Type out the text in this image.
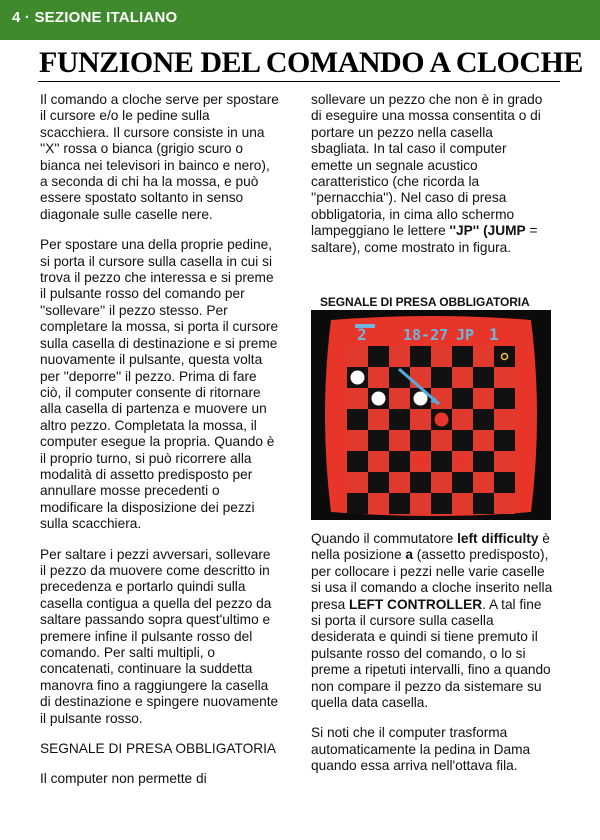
4 · SEZIONE ITALIANO
FUNZIONE DEL COMANDO A CLOCHE

Il comando a cloche serve per spostare il cursore e/o le pedine sulla scacchiera. Il cursore consiste in una ''X'' rossa o bianca (grigio scuro o bianca nei televisori in bainco e nero), a seconda di chi ha la mossa, e può essere spostato soltanto in senso diagonale sulle caselle nere.

Per spostare una della proprie pedine, si porta il cursore sulla casella in cui si trova il pezzo che interessa e si preme il pulsante rosso del comando per ''sollevare'' il pezzo stesso. Per completare la mossa, si porta il cursore sulla casella di destinazione e si preme nuovamente il pulsante, questa volta per ''deporre'' il pezzo. Prima di fare ciò, il computer consente di ritornare alla casella di partenza e muovere un altro pezzo. Completata la mossa, il computer esegue la propria. Quando è il proprio turno, si può ricorrere alla modalità di assetto predisposto per annullare mosse precedenti o modificare la disposizione dei pezzi sulla scacchiera.

Per saltare i pezzi avversari, sollevare il pezzo da muovere come descritto in precedenza e portarlo quindi sulla casella contigua a quella del pezzo da saltare passando sopra quest'ultimo e premere infine il pulsante rosso del comando. Per salti multipli, o concatenati, continuare la suddetta manovra fino a raggiungere la casella di destinazione e spingere nuovamente il pulsante rosso.

SEGNALE DI PRESA OBBLIGATORIA

Il computer non permette di

sollevare un pezzo che non è in grado di eseguire una mossa consentita o di portare un pezzo nella casella sbagliata. In tal caso il computer emette un segnale acustico caratteristico (che ricorda la ''pernacchia''). Nel caso di presa obbligatoria, in cima allo schermo lampeggiano le lettere ''JP'' (JUMP = saltare), come mostrato in figura.

SEGNALE DI PRESA OBBLIGATORIA
2 18-27 JP 1

Quando il commutatore left difficulty è nella posizione a (assetto predisposto), per collocare i pezzi nelle varie caselle si usa il comando a cloche inserito nella presa LEFT CONTROLLER. A tal fine si porta il cursore sulla casella desiderata e quindi si tiene premuto il pulsante rosso del comando, o lo si preme a ripetuti intervalli, fino a quando non compare il pezzo da sistemare su quella data casella.

Si noti che il computer trasforma automaticamente la pedina in Dama quando essa arriva nell'ottava fila.
